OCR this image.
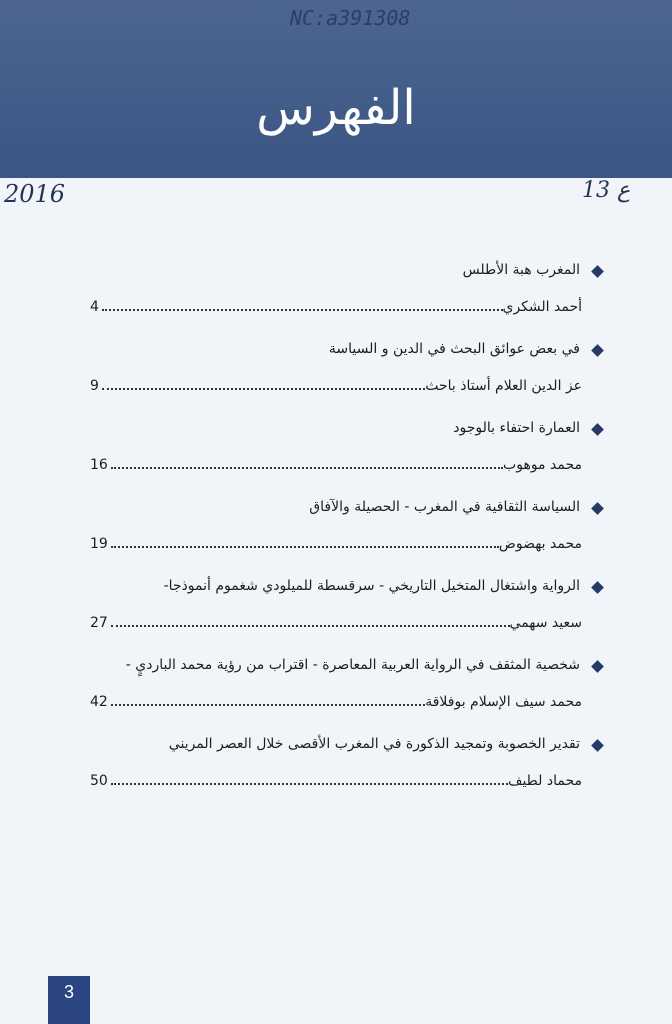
NC:a391308
الفهرس
2016	ع 13
المغرب هبة الأطلس
4	أحمد الشكري
في بعض عوائق البحث في الدين و السياسة
9	عز الدين العلام أستاذ باحث
العمارة احتفاء بالوجود
16	محمد موهوب
السياسة الثقافية في المغرب - الحصيلة والآفاق
19	محمد بهضوض
الرواية واشتغال المتخيل التاريخي - سرقسطة للميلودي شغموم أنموذجا-
27	سعيد سهمي
شخصية المثقف في الرواية العربية المعاصرة - اقتراب من رؤية محمد البارديٍ -
42	محمد سيف الإسلام بوفلاقة
تقدير الخصوبة وتمجيد الذكورة في المغرب الأقصى خلال العصر المريني
50	محماد لطيف
3
